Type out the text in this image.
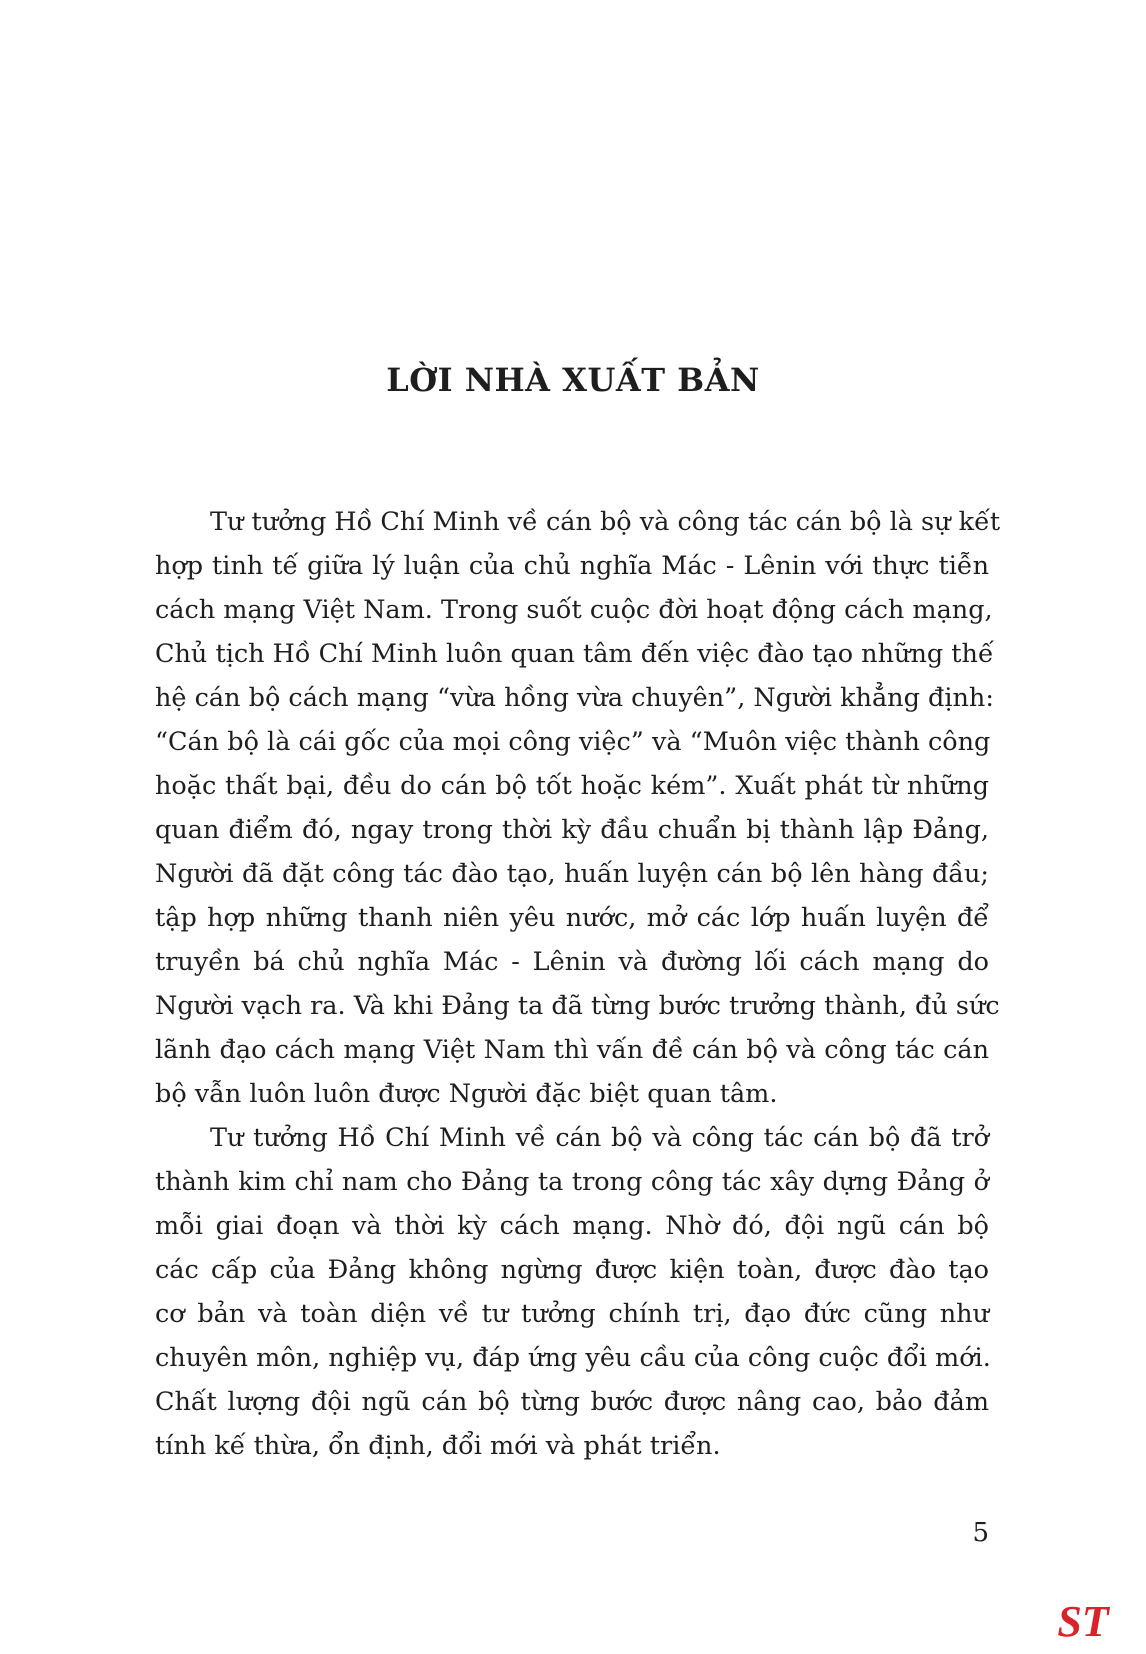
LỜI NHÀ XUẤT BẢN
Tư tưởng Hồ Chí Minh về cán bộ và công tác cán bộ là sự kết
hợp tinh tế giữa lý luận của chủ nghĩa Mác - Lênin với thực tiễn
cách mạng Việt Nam. Trong suốt cuộc đời hoạt động cách mạng,
Chủ tịch Hồ Chí Minh luôn quan tâm đến việc đào tạo những thế
hệ cán bộ cách mạng “vừa hồng vừa chuyên”, Người khẳng định:
“Cán bộ là cái gốc của mọi công việc” và “Muôn việc thành công
hoặc thất bại, đều do cán bộ tốt hoặc kém”. Xuất phát từ những
quan điểm đó, ngay trong thời kỳ đầu chuẩn bị thành lập Đảng,
Người đã đặt công tác đào tạo, huấn luyện cán bộ lên hàng đầu;
tập hợp những thanh niên yêu nước, mở các lớp huấn luyện để
truyền bá chủ nghĩa Mác - Lênin và đường lối cách mạng do
Người vạch ra. Và khi Đảng ta đã từng bước trưởng thành, đủ sức
lãnh đạo cách mạng Việt Nam thì vấn đề cán bộ và công tác cán
bộ vẫn luôn luôn được Người đặc biệt quan tâm.
Tư tưởng Hồ Chí Minh về cán bộ và công tác cán bộ đã trở
thành kim chỉ nam cho Đảng ta trong công tác xây dựng Đảng ở
mỗi giai đoạn và thời kỳ cách mạng. Nhờ đó, đội ngũ cán bộ
các cấp của Đảng không ngừng được kiện toàn, được đào tạo
cơ bản và toàn diện về tư tưởng chính trị, đạo đức cũng như
chuyên môn, nghiệp vụ, đáp ứng yêu cầu của công cuộc đổi mới.
Chất lượng đội ngũ cán bộ từng bước được nâng cao, bảo đảm
tính kế thừa, ổn định, đổi mới và phát triển.

5

ST
